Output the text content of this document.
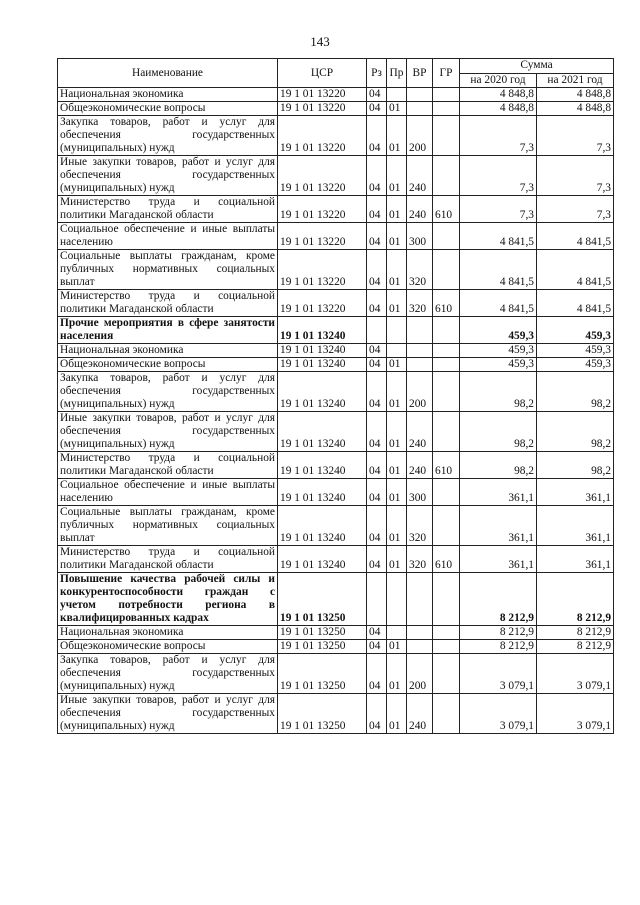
143
Наименование	ЦСР	Рз	Пр	ВР	ГР	Сумма	
						на 2020 год	на 2021 год
Национальная экономика	19 1 01 13220	04				4 848,8	4 848,8
Общеэкономические вопросы	19 1 01 13220	04	01			4 848,8	4 848,8
Закупка товаров, работ и услуг для обеспечения государственных (муниципальных) нужд	19 1 01 13220	04	01	200		7,3	7,3
Иные закупки товаров, работ и услуг для обеспечения государственных (муниципальных) нужд	19 1 01 13220	04	01	240		7,3	7,3
Министерство труда и социальной политики Магаданской области	19 1 01 13220	04	01	240	610	7,3	7,3
Социальное обеспечение и иные выплаты населению	19 1 01 13220	04	01	300		4 841,5	4 841,5
Социальные выплаты гражданам, кроме публичных нормативных социальных выплат	19 1 01 13220	04	01	320		4 841,5	4 841,5
Министерство труда и социальной политики Магаданской области	19 1 01 13220	04	01	320	610	4 841,5	4 841,5
Прочие мероприятия в сфере занятости населения	19 1 01 13240					459,3	459,3
Национальная экономика	19 1 01 13240	04				459,3	459,3
Общеэкономические вопросы	19 1 01 13240	04	01			459,3	459,3
Закупка товаров, работ и услуг для обеспечения государственных (муниципальных) нужд	19 1 01 13240	04	01	200		98,2	98,2
Иные закупки товаров, работ и услуг для обеспечения государственных (муниципальных) нужд	19 1 01 13240	04	01	240		98,2	98,2
Министерство труда и социальной политики Магаданской области	19 1 01 13240	04	01	240	610	98,2	98,2
Социальное обеспечение и иные выплаты населению	19 1 01 13240	04	01	300		361,1	361,1
Социальные выплаты гражданам, кроме публичных нормативных социальных выплат	19 1 01 13240	04	01	320		361,1	361,1
Министерство труда и социальной политики Магаданской области	19 1 01 13240	04	01	320	610	361,1	361,1
Повышение качества рабочей силы и конкурентоспособности граждан с учетом потребности региона в квалифицированных кадрах	19 1 01 13250					8 212,9	8 212,9
Национальная экономика	19 1 01 13250	04				8 212,9	8 212,9
Общеэкономические вопросы	19 1 01 13250	04	01			8 212,9	8 212,9
Закупка товаров, работ и услуг для обеспечения государственных (муниципальных) нужд	19 1 01 13250	04	01	200		3 079,1	3 079,1
Иные закупки товаров, работ и услуг для обеспечения государственных (муниципальных) нужд	19 1 01 13250	04	01	240		3 079,1	3 079,1
